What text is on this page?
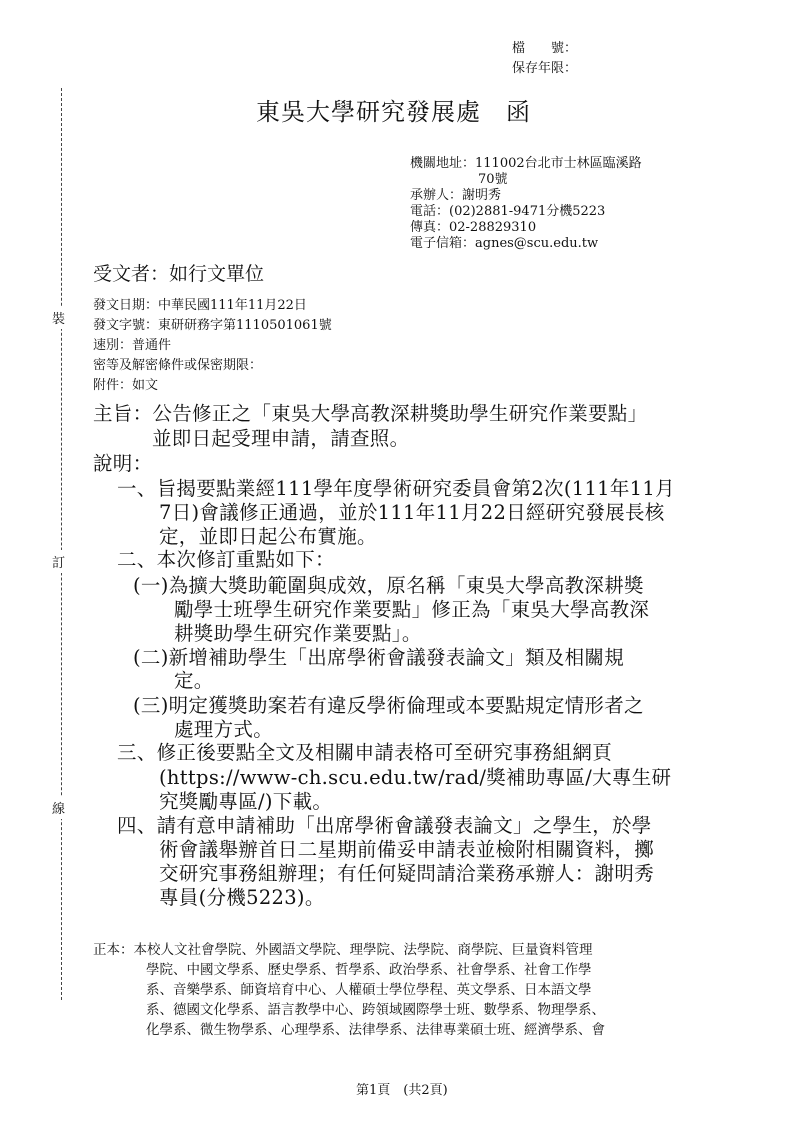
裝
訂
線
檔　　號：
保存年限：
東吳大學研究發展處　函
機關地址：111002台北市士林區臨溪路
70號
承辦人：謝明秀
電話：(02)2881-9471分機5223
傳真：02-28829310
電子信箱：agnes@scu.edu.tw
受文者：如行文單位
發文日期：中華民國111年11月22日
發文字號：東研研務字第1110501061號
速別：普通件
密等及解密條件或保密期限：
附件：如文
主旨：公告修正之「東吳大學高教深耕獎助學生研究作業要點」
並即日起受理申請，請查照。
說明：
一、旨揭要點業經111學年度學術研究委員會第2次(111年11月
7日)會議修正通過，並於111年11月22日經研究發展長核
定，並即日起公布實施。
二、本次修訂重點如下：
(一)為擴大獎助範圍與成效，原名稱「東吳大學高教深耕獎
勵學士班學生研究作業要點」修正為「東吳大學高教深
耕獎助學生研究作業要點」。
(二)新增補助學生「出席學術會議發表論文」類及相關規
定。
(三)明定獲獎助案若有違反學術倫理或本要點規定情形者之
處理方式。
三、修正後要點全文及相關申請表格可至研究事務組網頁
(https://www-ch.scu.edu.tw/rad/獎補助專區/大專生研
究獎勵專區/)下載。
四、請有意申請補助「出席學術會議發表論文」之學生，於學
術會議舉辦首日二星期前備妥申請表並檢附相關資料，擲
交研究事務組辦理；有任何疑問請洽業務承辦人：謝明秀
專員(分機5223)。
正本：本校人文社會學院、外國語文學院、理學院、法學院、商學院、巨量資料管理
學院、中國文學系、歷史學系、哲學系、政治學系、社會學系、社會工作學
系、音樂學系、師資培育中心、人權碩士學位學程、英文學系、日本語文學
系、德國文化學系、語言教學中心、跨領域國際學士班、數學系、物理學系、
化學系、微生物學系、心理學系、法律學系、法律專業碩士班、經濟學系、會
第1頁　(共2頁)
